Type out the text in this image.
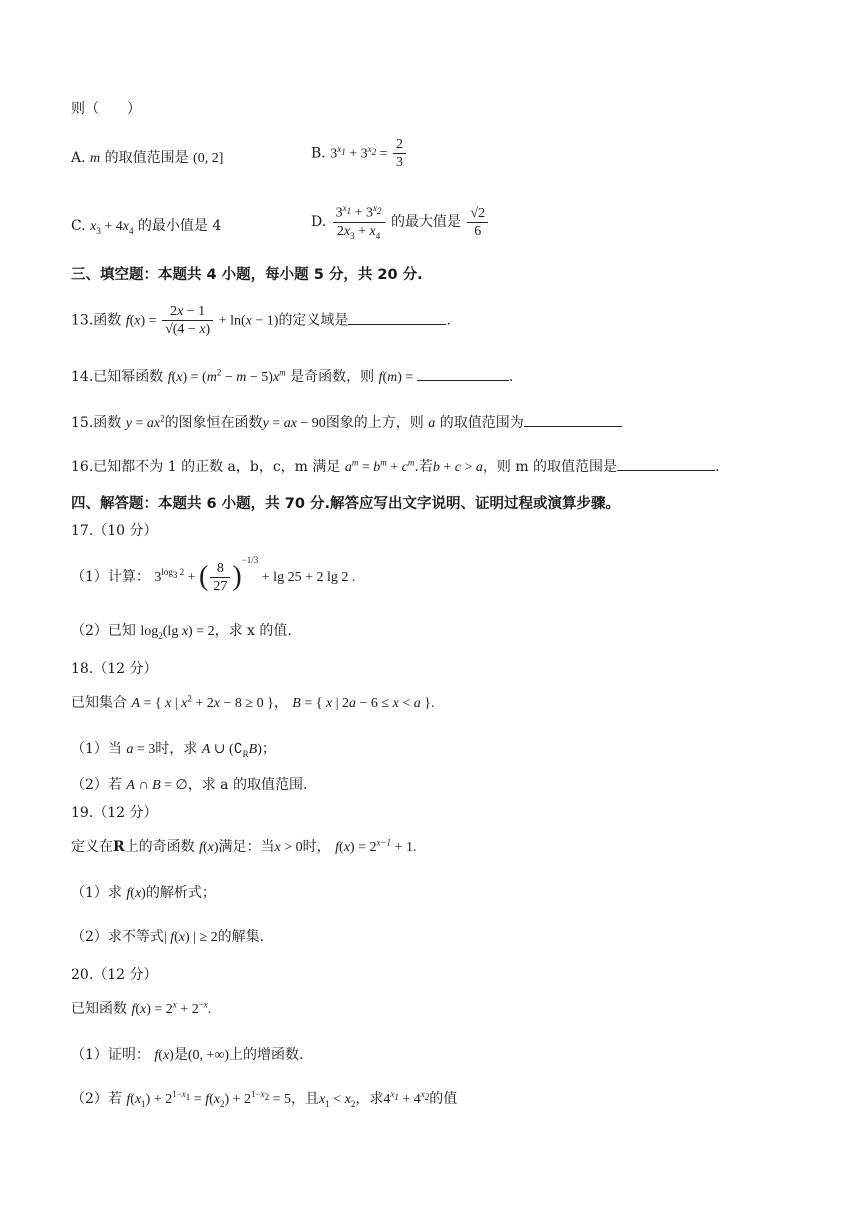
则（　　）
A. m 的取值范围是 (0, 2]	B. $3^{x_1} + 3^{x_2} = \frac{2}{3}$
C. $x_3 + 4x_4$ 的最小值是 4	D. $\frac{3^{x_1} + 3^{x_2}}{2x_3 + x_4}$ 的最大值是 $\frac{√2}{6}$
三、填空题：本题共 4 小题，每小题 5 分，共 20 分.
13.函数 $f(x) = \frac{2x - 1}{√(4 - x)} + \ln(x - 1)$的定义域是	.
14.已知幂函数 $f(x) = (m^2 - m - 5)x^m$ 是奇函数，则 f(m) =	.
15.函数 $y = ax^2$的图象恒在函数y = ax − 90图象的上方，则 a 的取值范围为
16.已知都不为 1 的正数 a，b，c，m 满足 $a^m = b^m + c^m$.若b + c > a，则 m 的取值范围是	.
四、解答题：本题共 6 小题，共 70 分.解答应写出文字说明、证明过程或演算步骤。
17.（10 分）
（1）计算： $3^{log_3 2}$ + ( $\frac{8}{27} )^{-1/3} + \lg 25 + 2$ lg 2 .
（2）已知 $\log_2(\lg$ x) = 2，求 x 的值.
18.（12 分）
已知集合 A = { x | $x^2 + 2x - 8 \ge 0$ }， B = { x | 2a − 6 ≤ x < a }.
（1）当 a = 3时，求 A ∪ $(∁_RB)$；
（2）若 A ∩ B = ∅，求 a 的取值范围.
19.（12 分）
定义在R上的奇函数 f(x)满足：当x > 0时， $f(x) = 2^{x-1} + 1$.
（1）求 f(x)的解析式；
（2）求不等式| f(x) | ≥ 2的解集.
20.（12 分）
已知函数 $f(x) = 2^x + 2^{-x}$.
（1）证明： f(x)是(0, +∞)上的增函数.
（2）若 $f(x_1) + 2^{1-x_1} = f(x_2) + 2^{1-x_2} = 5$，且$x_1 < x_2$，求$4^{x_1} + 4^{x_2}$的值
